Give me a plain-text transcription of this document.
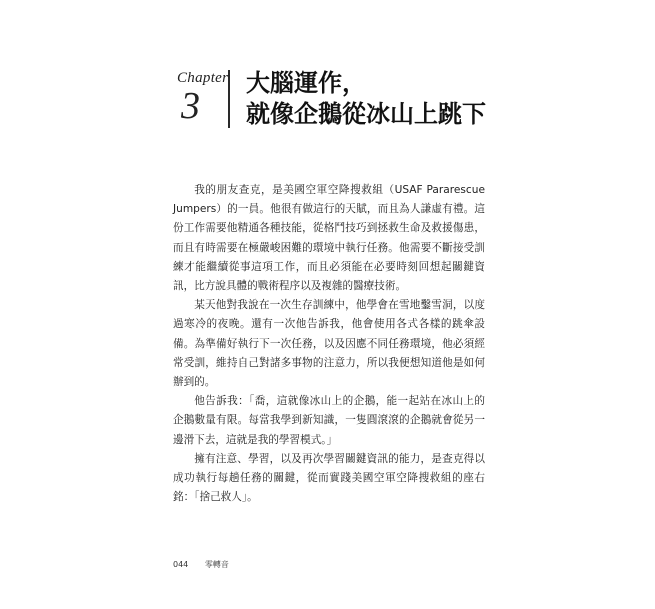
Chapter
3
大腦運作，
就像企鵝從冰山上跳下

我的朋友查克，是美國空軍空降搜救組（USAF Pararescue Jumpers）的一員。他很有做這行的天賦，而且為人謙虛有禮。這份工作需要他精通各種技能，從格鬥技巧到拯救生命及救援傷患，而且有時需要在極嚴峻困難的環境中執行任務。他需要不斷接受訓練才能繼續從事這項工作，而且必須能在必要時刻回想起關鍵資訊，比方說具體的戰術程序以及複雜的醫療技術。

某天他對我說在一次生存訓練中，他學會在雪地鑿雪洞，以度過寒冷的夜晚。還有一次他告訴我，他會使用各式各樣的跳傘設備。為準備好執行下一次任務，以及因應不同任務環境，他必須經常受訓，維持自己對諸多事物的注意力，所以我便想知道他是如何辦到的。

他告訴我：「喬，這就像冰山上的企鵝，能一起站在冰山上的企鵝數量有限。每當我學到新知識，一隻圓滾滾的企鵝就會從另一邊滑下去，這就是我的學習模式。」

擁有注意、學習，以及再次學習關鍵資訊的能力，是查克得以成功執行每趟任務的關鍵，從而實踐美國空軍空降搜救組的座右銘：「捨己救人」。

044 零轉音
